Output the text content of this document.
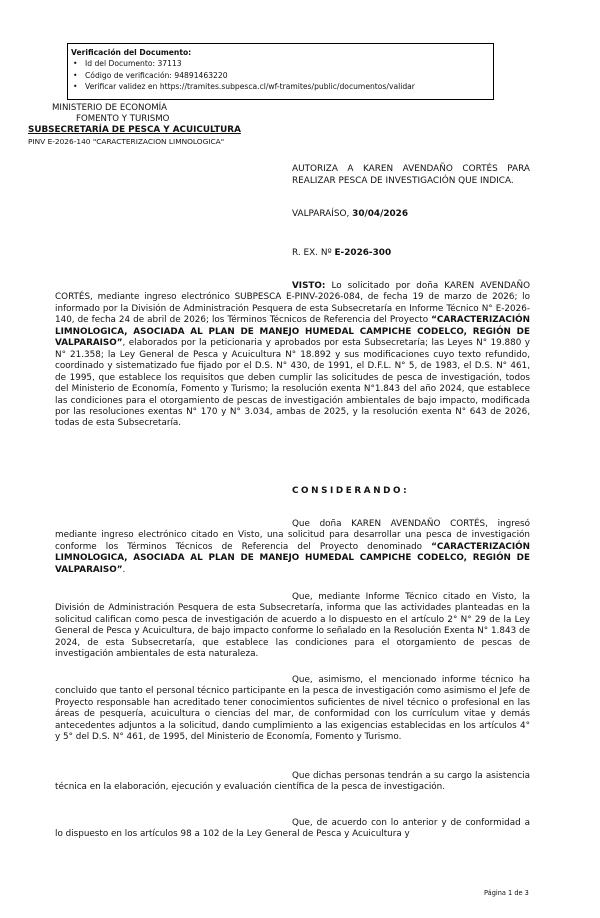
Verificación del Documento:
• Id del Documento: 37113
• Código de verificación: 94891463220
• Verificar validez en https://tramites.subpesca.cl/wf-tramites/public/documentos/validar
MINISTERIO DE ECONOMÍA
FOMENTO Y TURISMO
SUBSECRETARÍA DE PESCA Y ACUICULTURA
PINV E-2026-140 "CARACTERIZACION LIMNOLOGICA"
AUTORIZA A KAREN AVENDAÑO CORTÉS PARA REALIZAR PESCA DE INVESTIGACIÓN QUE INDICA.
VALPARAÍSO, 30/04/2026
R. EX. Nº E-2026-300

VISTO: Lo solicitado por doña KAREN AVENDAÑO CORTÉS, mediante ingreso electrónico SUBPESCA E-PINV-2026-084, de fecha 19 de marzo de 2026; lo informado por la División de Administración Pesquera de esta Subsecretaría en Informe Técnico N° E-2026-140, de fecha 24 de abril de 2026; los Términos Técnicos de Referencia del Proyecto “CARACTERIZACIÓN LIMNOLOGICA, ASOCIADA AL PLAN DE MANEJO HUMEDAL CAMPICHE CODELCO, REGIÓN DE VALPARAISO”, elaborados por la peticionaria y aprobados por esta Subsecretaría; las Leyes N° 19.880 y N° 21.358; la Ley General de Pesca y Acuicultura N° 18.892 y sus modificaciones cuyo texto refundido, coordinado y sistematizado fue fijado por el D.S. N° 430, de 1991, el D.F.L. N° 5, de 1983, el D.S. N° 461, de 1995, que establece los requisitos que deben cumplir las solicitudes de pesca de investigación, todos del Ministerio de Economía, Fomento y Turismo; la resolución exenta N°1.843 del año 2024, que establece las condiciones para el otorgamiento de pescas de investigación ambientales de bajo impacto, modificada por las resoluciones exentas N° 170 y N° 3.034, ambas de 2025, y la resolución exenta N° 643 de 2026, todas de esta Subsecretaría.

CONSIDERANDO:

Que doña KAREN AVENDAÑO CORTÉS, ingresó mediante ingreso electrónico citado en Visto, una solicitud para desarrollar una pesca de investigación conforme los Términos Técnicos de Referencia del Proyecto denominado “CARACTERIZACIÓN LIMNOLOGICA, ASOCIADA AL PLAN DE MANEJO HUMEDAL CAMPICHE CODELCO, REGIÓN DE VALPARAISO”.

Que, mediante Informe Técnico citado en Visto, la División de Administración Pesquera de esta Subsecretaría, informa que las actividades planteadas en la solicitud califican como pesca de investigación de acuerdo a lo dispuesto en el artículo 2° N° 29 de la Ley General de Pesca y Acuicultura, de bajo impacto conforme lo señalado en la Resolución Exenta N° 1.843 de 2024, de esta Subsecretaría, que establece las condiciones para el otorgamiento de pescas de investigación ambientales de esta naturaleza.

Que, asimismo, el mencionado informe técnico ha concluido que tanto el personal técnico participante en la pesca de investigación como asimismo el Jefe de Proyecto responsable han acreditado tener conocimientos suficientes de nivel técnico o profesional en las áreas de pesquería, acuicultura o ciencias del mar, de conformidad con los currículum vitae y demás antecedentes adjuntos a la solicitud, dando cumplimiento a las exigencias establecidas en los artículos 4° y 5° del D.S. N° 461, de 1995, del Ministerio de Economía, Fomento y Turismo.

Que dichas personas tendrán a su cargo la asistencia técnica en la elaboración, ejecución y evaluación científica de la pesca de investigación.

Que, de acuerdo con lo anterior y de conformidad a lo dispuesto en los artículos 98 a 102 de la Ley General de Pesca y Acuicultura y

Página 1 de 3
